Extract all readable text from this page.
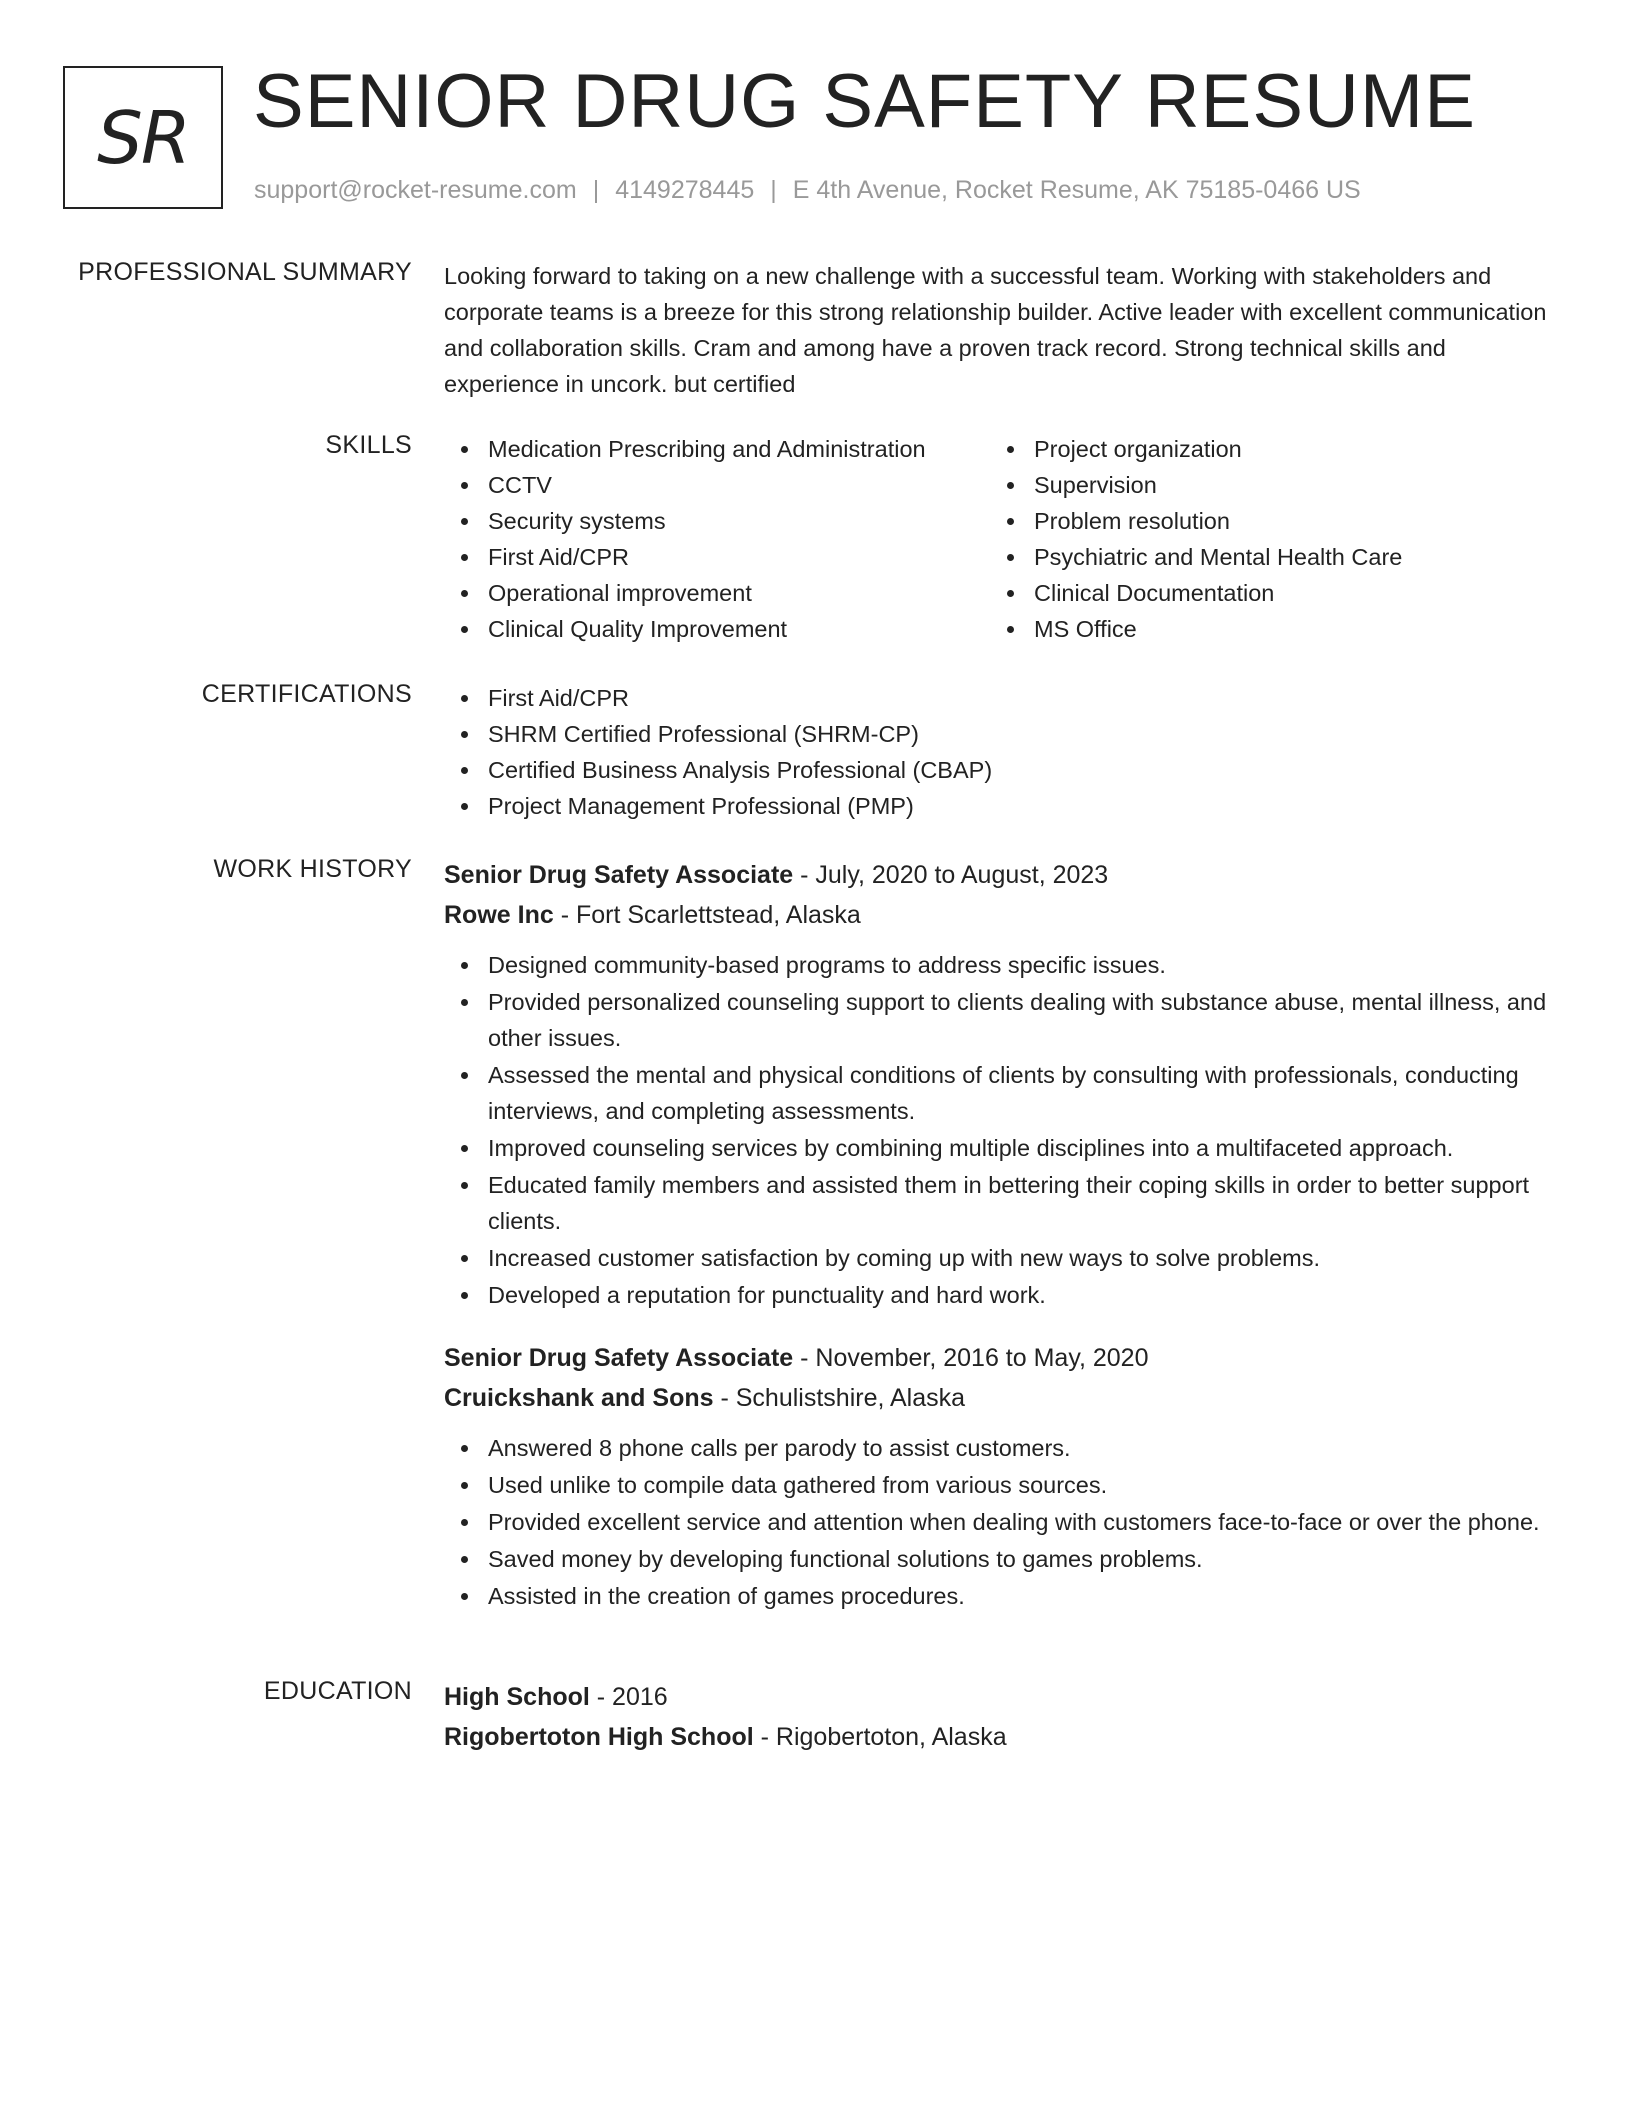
SR SENIOR DRUG SAFETY RESUME
support@rocket-resume.com | 4149278445 | E 4th Avenue, Rocket Resume, AK 75185-0466 US
PROFESSIONAL SUMMARY Looking forward to taking on a new challenge with a successful team. Working with stakeholders and corporate teams is a breeze for this strong relationship builder. Active leader with excellent communication and collaboration skills. Cram and among have a proven track record. Strong technical skills and experience in uncork. but certified
SKILLS	Medication Prescribing and Administration
CCTV
Security systems
First Aid/CPR
Operational improvement
Clinical Quality Improvement
Project organization
Supervision
Problem resolution
Psychiatric and Mental Health Care
Clinical Documentation
MS Office
CERTIFICATIONS	First Aid/CPR
SHRM Certified Professional (SHRM-CP)
Certified Business Analysis Professional (CBAP)
Project Management Professional (PMP)
WORK HISTORY Senior Drug Safety Associate - July, 2020 to August, 2023
Rowe Inc - Fort Scarlettstead, Alaska
Designed community-based programs to address specific issues.
Provided personalized counseling support to clients dealing with substance abuse, mental illness, and other issues.
Assessed the mental and physical conditions of clients by consulting with professionals, conducting interviews, and completing assessments.
Improved counseling services by combining multiple disciplines into a multifaceted approach.
Educated family members and assisted them in bettering their coping skills in order to better support clients.
Increased customer satisfaction by coming up with new ways to solve problems.
Developed a reputation for punctuality and hard work.
Senior Drug Safety Associate - November, 2016 to May, 2020
Cruickshank and Sons - Schulistshire, Alaska
Answered 8 phone calls per parody to assist customers.
Used unlike to compile data gathered from various sources.
Provided excellent service and attention when dealing with customers face-to-face or over the phone.
Saved money by developing functional solutions to games problems.
Assisted in the creation of games procedures.
EDUCATION High School - 2016
Rigobertoton High School - Rigobertoton, Alaska
